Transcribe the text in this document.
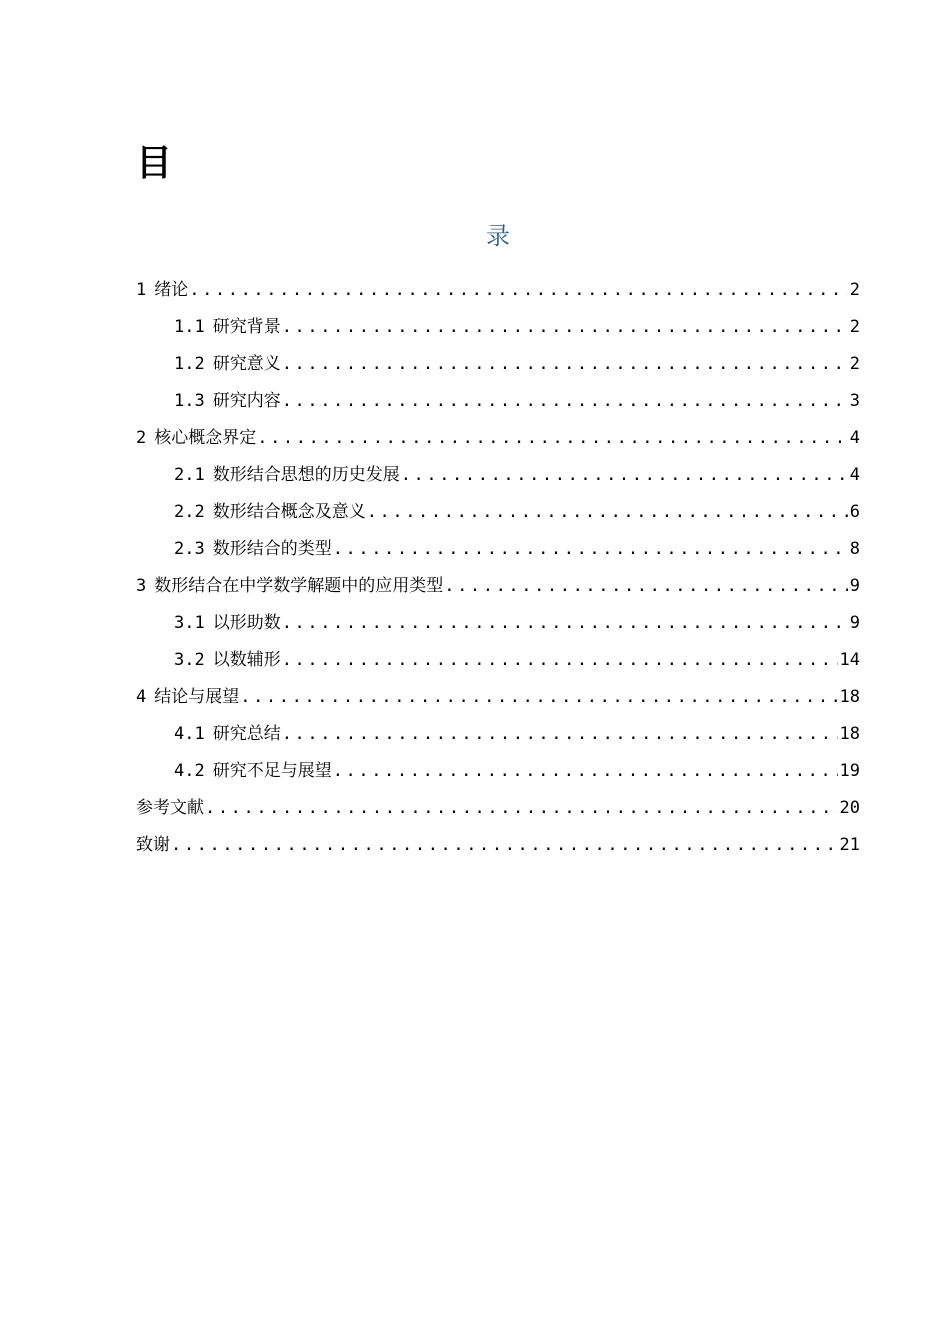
目
录
1 绪论 .....	2
1.1 研究背景 .....	2
1.2 研究意义 .....	2
1.3 研究内容 .....	3
2 核心概念界定 .....	4
2.1 数形结合思想的历史发展 .....	4
2.2 数形结合概念及意义 .....	6
2.3 数形结合的类型 .....	8
3 数形结合在中学数学解题中的应用类型 .....	9
3.1 以形助数 .....	9
3.2 以数辅形 .....	14
4 结论与展望 .....	18
4.1 研究总结 .....	18
4.2 研究不足与展望 .....	19
参考文献 .....	20
致谢 .....	21
